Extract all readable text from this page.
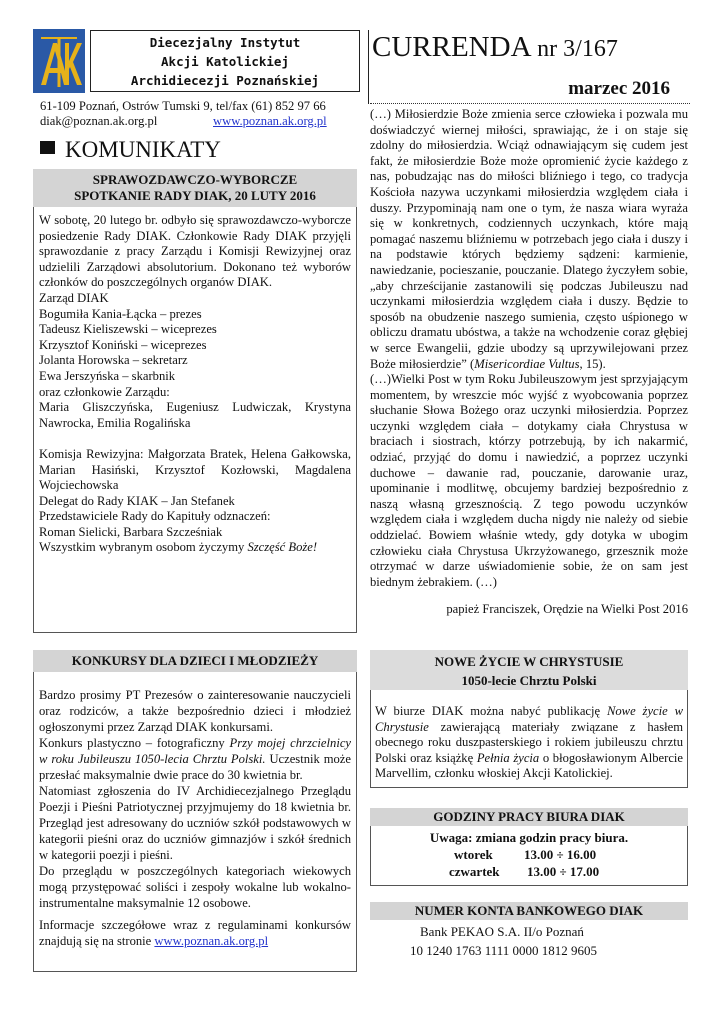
Diecezjalny Instytut
Akcji Katolickiej
Archidiecezji Poznańskiej
CURRENDA nr 3/167
marzec 2016
61-109 Poznań, Ostrów Tumski 9, tel/fax (61) 852 97 66
diak@poznan.ak.org.pl	www.poznan.ak.org.pl
KOMUNIKATY
SPRAWOZDAWCZO-WYBORCZE
SPOTKANIE RADY DIAK, 20 LUTY 2016

W sobotę, 20 lutego br. odbyło się sprawozdawczo-wyborcze posiedzenie Rady DIAK. Członkowie Rady DIAK przyjęli sprawozdanie z pracy Zarządu i Komisji Rewizyjnej oraz udzielili Zarządowi absolutorium. Dokonano też wyborów członków do poszczególnych organów DIAK.

Zarząd DIAK

Bogumiła Kania-Łącka – prezes

Tadeusz Kieliszewski – wiceprezes

Krzysztof Koniński – wiceprezes

Jolanta Horowska – sekretarz

Ewa Jerszyńska – skarbnik

oraz członkowie Zarządu:

Maria Gliszczyńska, Eugeniusz Ludwiczak, Krystyna Nawrocka, Emilia Rogalińska

Komisja Rewizyjna: Małgorzata Bratek, Helena Gałkowska, Marian Hasiński, Krzysztof Kozłowski, Magdalena Wojciechowska

Delegat do Rady KIAK – Jan Stefanek

Przedstawiciele Rady do Kapituły odznaczeń:

Roman Sielicki, Barbara Szcześniak

Wszystkim wybranym osobom życzymy Szczęść Boże!

KONKURSY DLA DZIECI I MŁODZIEŻY

Bardzo prosimy PT Prezesów o zainteresowanie nauczycieli oraz rodziców, a także bezpośrednio dzieci i młodzież ogłoszonymi przez Zarząd DIAK konkursami.

Konkurs plastyczno – fotograficzny Przy mojej chrzcielnicy w roku Jubileuszu 1050-lecia Chrztu Polski. Uczestnik może przesłać maksymalnie dwie prace do 30 kwietnia br.

Natomiast zgłoszenia do IV Archidiecezjalnego Przeglądu Poezji i Pieśni Patriotycznej przyjmujemy do 18 kwietnia br. Przegląd jest adresowany do uczniów szkół podstawowych w kategorii pieśni oraz do uczniów gimnazjów i szkół średnich w kategorii poezji i pieśni.

Do przeglądu w poszczególnych kategoriach wiekowych mogą przystępować soliści i zespoły wokalne lub wokalno-instrumentalne maksymalnie 12 osobowe.

Informacje szczegółowe wraz z regulaminami konkursów znajdują się na stronie www.poznan.ak.org.pl

(…) Miłosierdzie Boże zmienia serce człowieka i pozwala mu doświadczyć wiernej miłości, sprawiając, że i on staje się zdolny do miłosierdzia. Wciąż odnawiającym się cudem jest fakt, że miłosierdzie Boże może opromienić życie każdego z nas, pobudzając nas do miłości bliźniego i tego, co tradycja Kościoła nazywa uczynkami miłosierdzia względem ciała i duszy. Przypominają nam one o tym, że nasza wiara wyraża się w konkretnych, codziennych uczynkach, które mają pomagać naszemu bliźniemu w potrzebach jego ciała i duszy i na podstawie których będziemy sądzeni: karmienie, nawiedzanie, pocieszanie, pouczanie. Dlatego życzyłem sobie, „aby chrześcijanie zastanowili się podczas Jubileuszu nad uczynkami miłosierdzia względem ciała i duszy. Będzie to sposób na obudzenie naszego sumienia, często uśpionego w obliczu dramatu ubóstwa, a także na wchodzenie coraz głębiej w serce Ewangelii, gdzie ubodzy są uprzywilejowani przez Boże miłosierdzie” (Misericordiae Vultus, 15).

(…)Wielki Post w tym Roku Jubileuszowym jest sprzyjającym momentem, by wreszcie móc wyjść z wyobcowania poprzez słuchanie Słowa Bożego oraz uczynki miłosierdzia. Poprzez uczynki względem ciała – dotykamy ciała Chrystusa w braciach i siostrach, którzy potrzebują, by ich nakarmić, odziać, przyjąć do domu i nawiedzić, a poprzez uczynki duchowe – dawanie rad, pouczanie, darowanie uraz, upominanie i modlitwę, obcujemy bardziej bezpośrednio z naszą własną grzesznością. Z tego powodu uczynków względem ciała i względem ducha nigdy nie należy od siebie oddzielać. Bowiem właśnie wtedy, gdy dotyka w ubogim człowieku ciała Chrystusa Ukrzyżowanego, grzesznik może otrzymać w darze uświadomienie sobie, że on sam jest biednym żebrakiem. (…)

papież Franciszek, Orędzie na Wielki Post 2016

NOWE ŻYCIE W CHRYSTUSIE
1050-lecie Chrztu Polski

W biurze DIAK można nabyć publikację Nowe życie w Chrystusie zawierającą materiały związane z hasłem obecnego roku duszpasterskiego i rokiem jubileuszu chrztu Polski oraz książkę Pełnia życia o błogosławionym Albercie Marvellim, członku włoskiej Akcji Katolickiej.

GODZINY PRACY BIURA DIAK
Uwaga: zmiana godzin pracy biura.
wtorek 13.00 ÷ 16.00
czwartek 13.00 ÷ 17.00
NUMER KONTA BANKOWEGO DIAK
Bank PEKAO S.A. II/o Poznań
10 1240 1763 1111 0000 1812 9605
